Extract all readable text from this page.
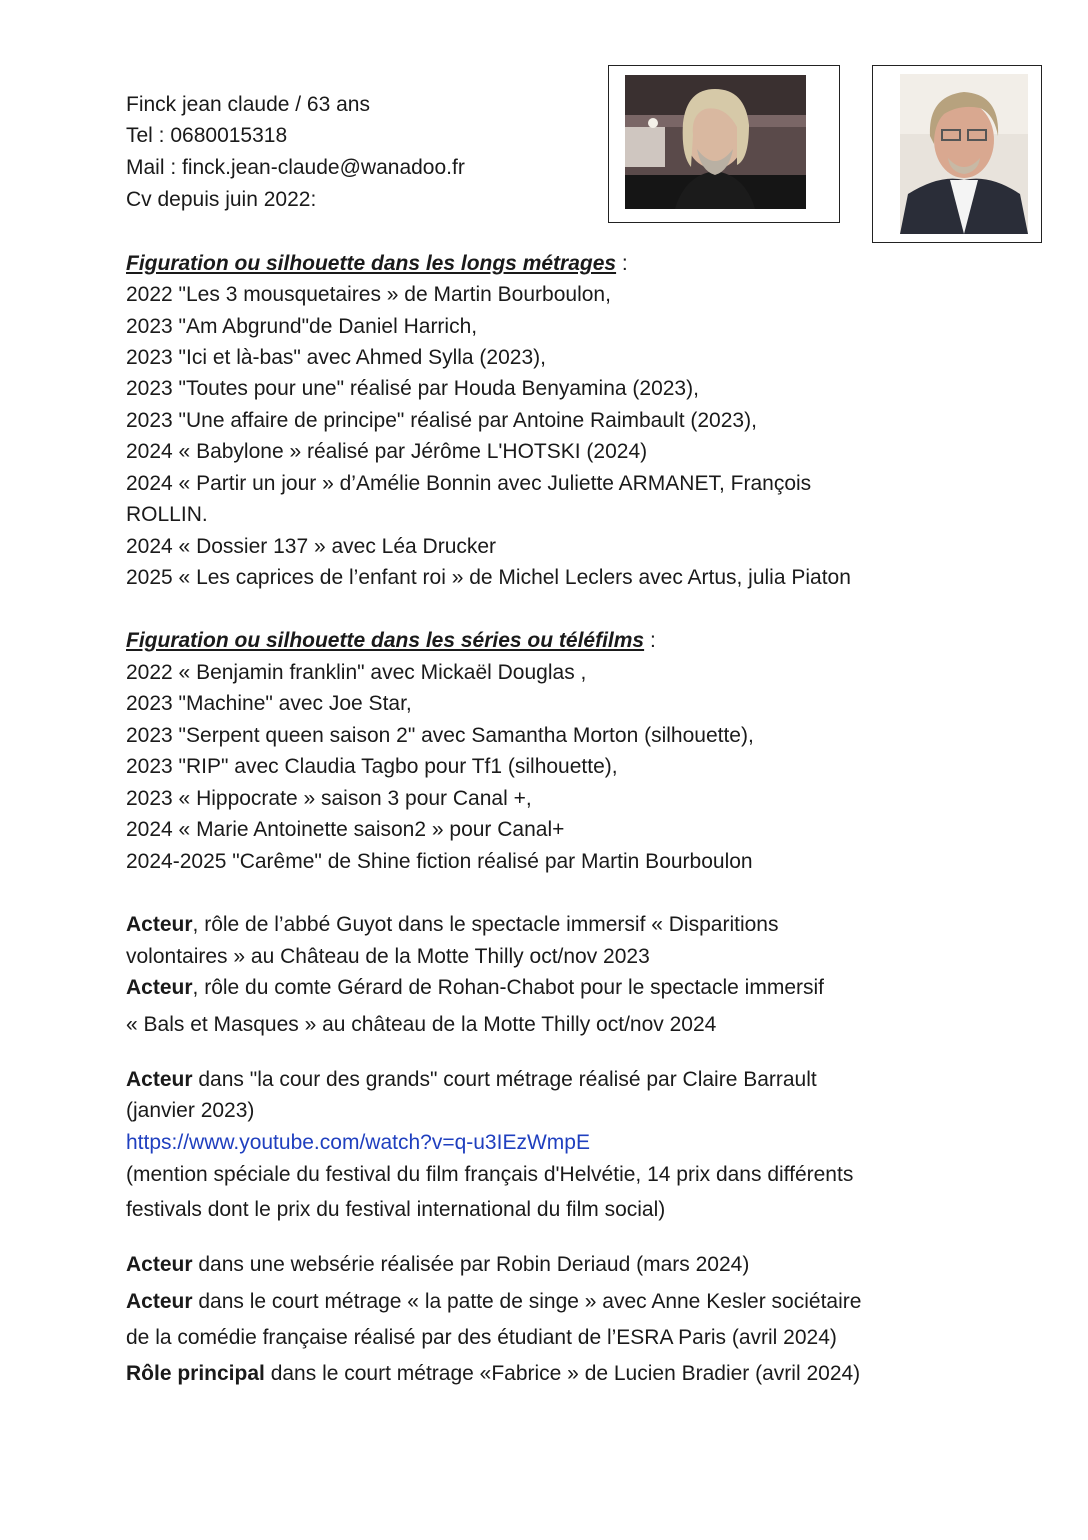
Finck jean claude / 63 ans
Tel : 0680015318
Mail : finck.jean-claude@wanadoo.fr
Cv depuis juin 2022:
Figuration ou silhouette dans les longs métrages :
2022 "Les 3 mousquetaires » de Martin Bourboulon,
2023 "Am Abgrund"de Daniel Harrich,
2023 "Ici et là-bas" avec Ahmed Sylla (2023),
2023 "Toutes pour une" réalisé par Houda Benyamina (2023),
2023 "Une affaire de principe" réalisé par Antoine Raimbault (2023),
2024 « Babylone » réalisé par Jérôme L'HOTSKI (2024)
2024 « Partir un jour » d’Amélie Bonnin avec Juliette ARMANET, François
ROLLIN.
2024 « Dossier 137 » avec Léa Drucker
2025 « Les caprices de l’enfant roi » de Michel Leclers avec Artus, julia Piaton
Figuration ou silhouette dans les séries ou téléfilms :
2022 « Benjamin franklin" avec Mickaël Douglas ,
2023 "Machine" avec Joe Star,
2023 "Serpent queen saison 2" avec Samantha Morton (silhouette),
2023 "RIP" avec Claudia Tagbo pour Tf1 (silhouette),
2023 « Hippocrate » saison 3 pour Canal +,
2024 « Marie Antoinette saison2 » pour Canal+
2024-2025 "Carême" de Shine fiction réalisé par Martin Bourboulon
Acteur, rôle de l’abbé Guyot dans le spectacle immersif « Disparitions
volontaires » au Château de la Motte Thilly oct/nov 2023
Acteur, rôle du comte Gérard de Rohan-Chabot pour le spectacle immersif
« Bals et Masques » au château de la Motte Thilly oct/nov 2024
Acteur dans "la cour des grands" court métrage réalisé par Claire Barrault
(janvier 2023)
https://www.youtube.com/watch?v=q-u3IEzWmpE
(mention spéciale du festival du film français d'Helvétie, 14 prix dans différents
festivals dont le prix du festival international du film social)
Acteur dans une websérie réalisée par Robin Deriaud (mars 2024)
Acteur dans le court métrage « la patte de singe » avec Anne Kesler sociétaire
de la comédie française réalisé par des étudiant de l’ESRA Paris (avril 2024)
Rôle principal dans le court métrage «Fabrice » de Lucien Bradier (avril 2024)
